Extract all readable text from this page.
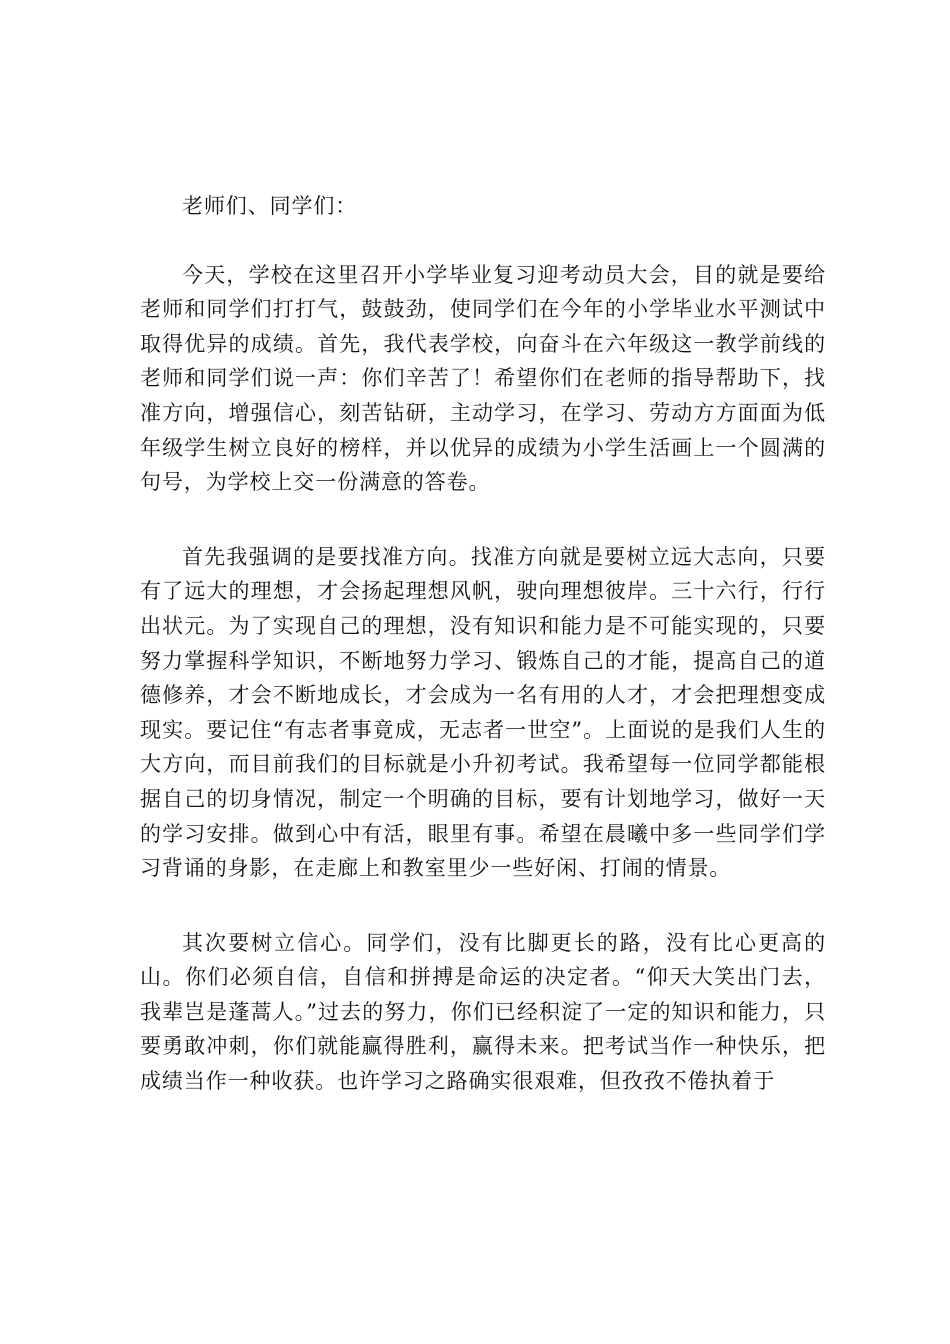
老师们、同学们：

今天，学校在这里召开小学毕业复习迎考动员大会，目的就是要给老师和同学们打打气，鼓鼓劲，使同学们在今年的小学毕业水平测试中取得优异的成绩。首先，我代表学校，向奋斗在六年级这一教学前线的老师和同学们说一声：你们辛苦了！希望你们在老师的指导帮助下，找准方向，增强信心，刻苦钻研，主动学习，在学习、劳动方方面面为低年级学生树立良好的榜样，并以优异的成绩为小学生活画上一个圆满的句号，为学校上交一份满意的答卷。

首先我强调的是要找准方向。找准方向就是要树立远大志向，只要有了远大的理想，才会扬起理想风帆，驶向理想彼岸。三十六行，行行出状元。为了实现自己的理想，没有知识和能力是不可能实现的，只要努力掌握科学知识，不断地努力学习、锻炼自己的才能，提高自己的道德修养，才会不断地成长，才会成为一名有用的人才，才会把理想变成现实。要记住“有志者事竟成，无志者一世空”。上面说的是我们人生的大方向，而目前我们的目标就是小升初考试。我希望每一位同学都能根据自己的切身情况，制定一个明确的目标，要有计划地学习，做好一天的学习安排。做到心中有活，眼里有事。希望在晨曦中多一些同学们学习背诵的身影，在走廊上和教室里少一些好闲、打闹的情景。

其次要树立信心。同学们，没有比脚更长的路，没有比心更高的山。你们必须自信，自信和拼搏是命运的决定者。“仰天大笑出门去，我辈岂是蓬蒿人。”过去的努力，你们已经积淀了一定的知识和能力，只要勇敢冲刺，你们就能赢得胜利，赢得未来。把考试当作一种快乐，把成绩当作一种收获。也许学习之路确实很艰难，但孜孜不倦执着于
